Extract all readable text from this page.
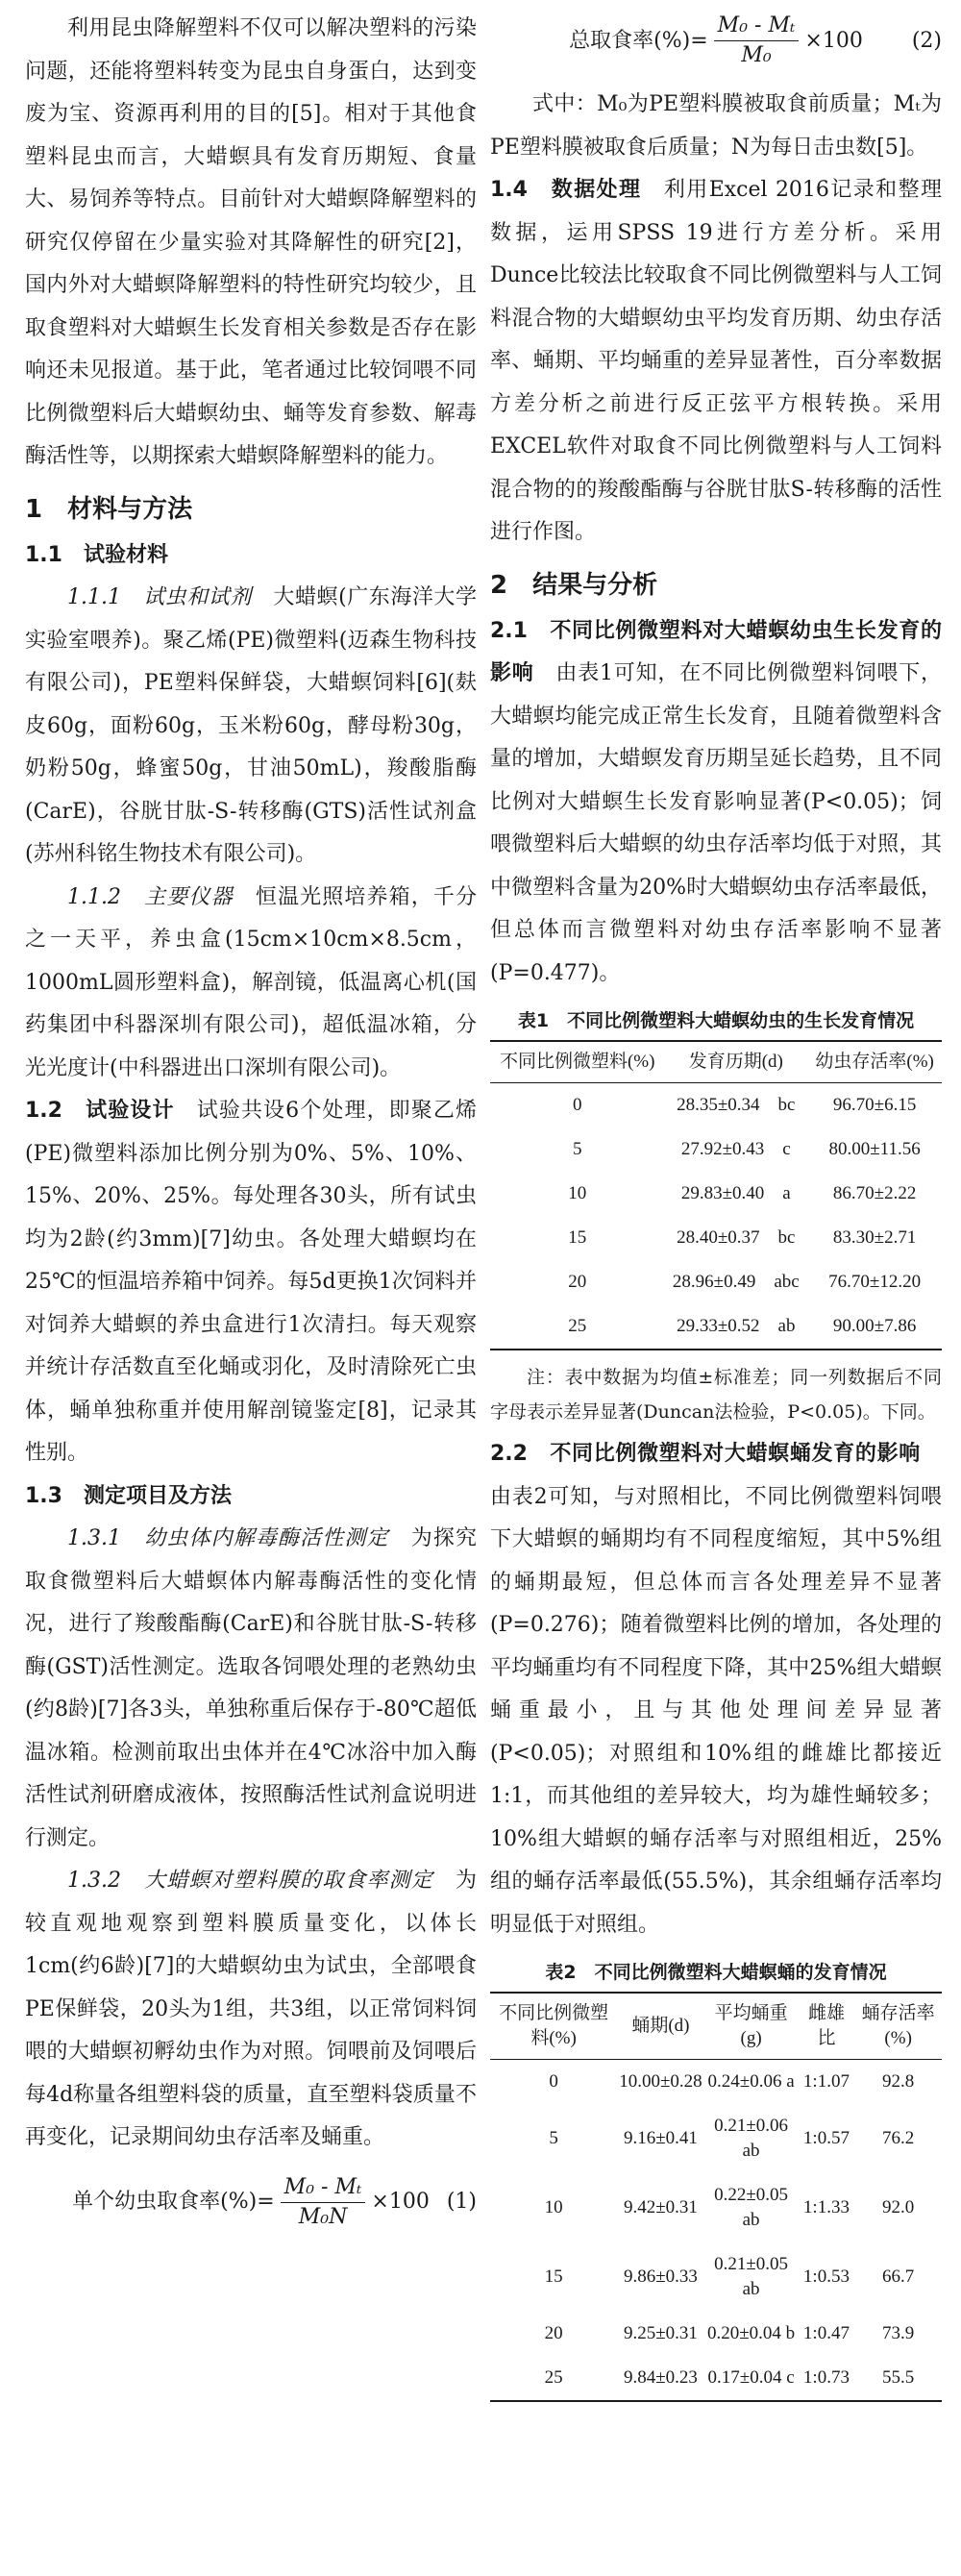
利用昆虫降解塑料不仅可以解决塑料的污染问题，还能将塑料转变为昆虫自身蛋白，达到变废为宝、资源再利用的目的[5]。相对于其他食塑料昆虫而言，大蜡螟具有发育历期短、食量大、易饲养等特点。目前针对大蜡螟降解塑料的研究仅停留在少量实验对其降解性的研究[2]，国内外对大蜡螟降解塑料的特性研究均较少，且取食塑料对大蜡螟生长发育相关参数是否存在影响还未见报道。基于此，笔者通过比较饲喂不同比例微塑料后大蜡螟幼虫、蛹等发育参数、解毒酶活性等，以期探索大蜡螟降解塑料的能力。

1　材料与方法

1.1　试验材料

1.1.1　试虫和试剂　大蜡螟(广东海洋大学实验室喂养)。聚乙烯(PE)微塑料(迈森生物科技有限公司)，PE塑料保鲜袋，大蜡螟饲料[6](麸皮60g，面粉60g，玉米粉60g，酵母粉30g，奶粉50g，蜂蜜50g，甘油50mL)，羧酸脂酶(CarE)，谷胱甘肽-S-转移酶(GTS)活性试剂盒(苏州科铭生物技术有限公司)。

1.1.2　主要仪器　恒温光照培养箱，千分之一天平，养虫盒(15cm×10cm×8.5cm，1000mL圆形塑料盒)，解剖镜，低温离心机(国药集团中科器深圳有限公司)，超低温冰箱，分光光度计(中科器进出口深圳有限公司)。

1.2　试验设计　试验共设6个处理，即聚乙烯(PE)微塑料添加比例分别为0%、5%、10%、15%、20%、25%。每处理各30头，所有试虫均为2龄(约3mm)[7]幼虫。各处理大蜡螟均在25℃的恒温培养箱中饲养。每5d更换1次饲料并对饲养大蜡螟的养虫盒进行1次清扫。每天观察并统计存活数直至化蛹或羽化，及时清除死亡虫体，蛹单独称重并使用解剖镜鉴定[8]，记录其性别。

1.3　测定项目及方法

1.3.1　幼虫体内解毒酶活性测定　为探究取食微塑料后大蜡螟体内解毒酶活性的变化情况，进行了羧酸酯酶(CarE)和谷胱甘肽-S-转移酶(GST)活性测定。选取各饲喂处理的老熟幼虫(约8龄)[7]各3头，单独称重后保存于-80℃超低温冰箱。检测前取出虫体并在4℃冰浴中加入酶活性试剂研磨成液体，按照酶活性试剂盒说明进行测定。

1.3.2　大蜡螟对塑料膜的取食率测定　为较直观地观察到塑料膜质量变化，以体长1cm(约6龄)[7]的大蜡螟幼虫为试虫，全部喂食PE保鲜袋，20头为1组，共3组，以正常饲料饲喂的大蜡螟初孵幼虫作为对照。饲喂前及饲喂后每4d称量各组塑料袋的质量，直至塑料袋质量不再变化，记录期间幼虫存活率及蛹重。

单个幼虫取食率(%)= $\frac{\text{M₀ - Mₜ}}{\text{M₀N}} \times 100$ (1)
总取食率(%)= $\frac{\text{M₀ - Mₜ}}{\text{M₀}} \times 100$ (2)

式中：M₀为PE塑料膜被取食前质量；Mₜ为PE塑料膜被取食后质量；N为每日击虫数[5]。

1.4　数据处理　利用Excel 2016记录和整理数据，运用SPSS 19进行方差分析。采用Dunce比较法比较取食不同比例微塑料与人工饲料混合物的大蜡螟幼虫平均发育历期、幼虫存活率、蛹期、平均蛹重的差异显著性，百分率数据方差分析之前进行反正弦平方根转换。采用EXCEL软件对取食不同比例微塑料与人工饲料混合物的的羧酸酯酶与谷胱甘肽S-转移酶的活性进行作图。

2　结果与分析

2.1　不同比例微塑料对大蜡螟幼虫生长发育的影响　由表1可知，在不同比例微塑料饲喂下，大蜡螟均能完成正常生长发育，且随着微塑料含量的增加，大蜡螟发育历期呈延长趋势，且不同比例对大蜡螟生长发育影响显著(P<0.05)；饲喂微塑料后大蜡螟的幼虫存活率均低于对照，其中微塑料含量为20%时大蜡螟幼虫存活率最低，但总体而言微塑料对幼虫存活率影响不显著(P=0.477)。

表1　不同比例微塑料大蜡螟幼虫的生长发育情况
不同比例微塑料(%)	发育历期(d)	幼虫存活率(%)
0	28.35±0.34　bc	96.70±6.15
5	27.92±0.43　c	80.00±11.56
10	29.83±0.40　a	86.70±2.22
15	28.40±0.37　bc	83.30±2.71
20	28.96±0.49　abc	76.70±12.20
25	29.33±0.52　ab	90.00±7.86

注：表中数据为均值±标准差；同一列数据后不同字母表示差异显著(Duncan法检验，P<0.05)。下同。

2.2　不同比例微塑料对大蜡螟蛹发育的影响　由表2可知，与对照相比，不同比例微塑料饲喂下大蜡螟的蛹期均有不同程度缩短，其中5%组的蛹期最短，但总体而言各处理差异不显著(P=0.276)；随着微塑料比例的增加，各处理的平均蛹重均有不同程度下降，其中25%组大蜡螟蛹重最小，且与其他处理间差异显著(P<0.05)；对照组和10%组的雌雄比都接近1:1，而其他组的差异较大，均为雄性蛹较多；10%组大蜡螟的蛹存活率与对照组相近，25%组的蛹存活率最低(55.5%)，其余组蛹存活率均明显低于对照组。

表2　不同比例微塑料大蜡螟蛹的发育情况
不同比例微塑料(%)	蛹期(d)	平均蛹重(g)	雌雄比	蛹存活率(%)
0	10.00±0.28	0.24±0.06 a	1:1.07	92.8
5	9.16±0.41	0.21±0.06 ab	1:0.57	76.2
10	9.42±0.31	0.22±0.05 ab	1:1.33	92.0
15	9.86±0.33	0.21±0.05 ab	1:0.53	66.7
20	9.25±0.31	0.20±0.04 b	1:0.47	73.9
25	9.84±0.23	0.17±0.04 c	1:0.73	55.5
